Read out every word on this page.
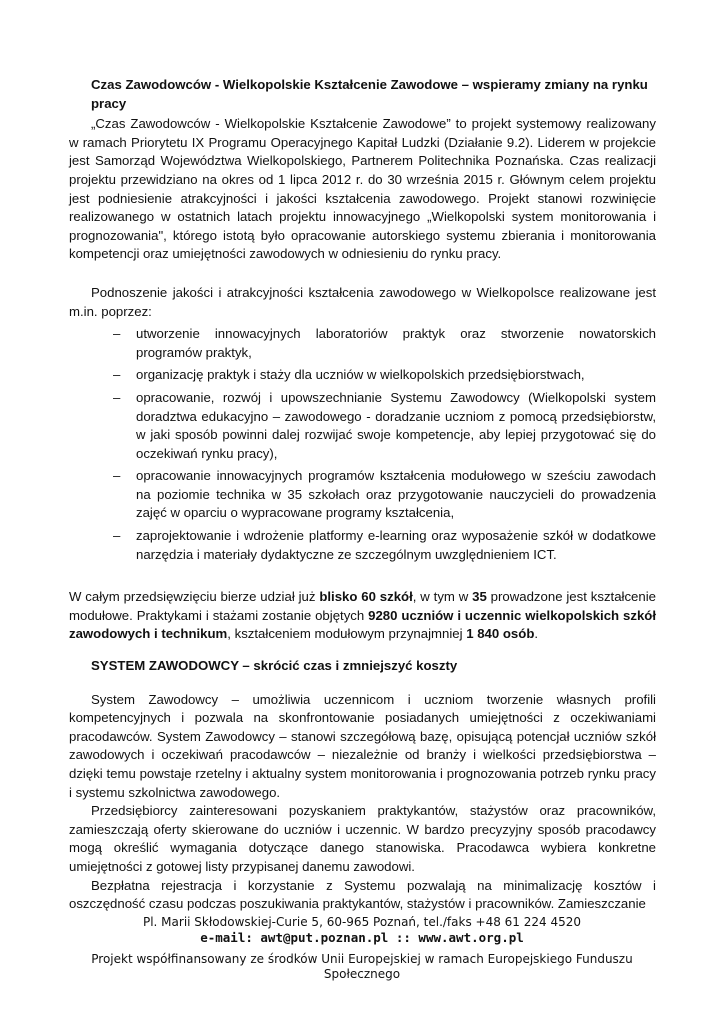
Czas Zawodowców - Wielkopolskie Kształcenie Zawodowe – wspieramy zmiany na rynku pracy

„Czas Zawodowców - Wielkopolskie Kształcenie Zawodowe” to projekt systemowy realizowany w ramach Priorytetu IX Programu Operacyjnego Kapitał Ludzki (Działanie 9.2). Liderem w projekcie jest Samorząd Województwa Wielkopolskiego, Partnerem Politechnika Poznańska. Czas realizacji projektu przewidziano na okres od 1 lipca 2012 r. do 30 września 2015 r. Głównym celem projektu jest podniesienie atrakcyjności i jakości kształcenia zawodowego. Projekt stanowi rozwinięcie realizowanego w ostatnich latach projektu innowacyjnego „Wielkopolski system monitorowania i prognozowania", którego istotą było opracowanie autorskiego systemu zbierania i monitorowania kompetencji oraz umiejętności zawodowych w odniesieniu do rynku pracy.

Podnoszenie jakości i atrakcyjności kształcenia zawodowego w Wielkopolsce realizowane jest m.in. poprzez:

– utworzenie innowacyjnych laboratoriów praktyk oraz stworzenie nowatorskich programów praktyk,
– organizację praktyk i staży dla uczniów w wielkopolskich przedsiębiorstwach,
– opracowanie, rozwój i upowszechnianie Systemu Zawodowcy (Wielkopolski system doradztwa edukacyjno – zawodowego - doradzanie uczniom z pomocą przedsiębiorstw, w jaki sposób powinni dalej rozwijać swoje kompetencje, aby lepiej przygotować się do oczekiwań rynku pracy),
– opracowanie innowacyjnych programów kształcenia modułowego w sześciu zawodach na poziomie technika w 35 szkołach oraz przygotowanie nauczycieli do prowadzenia zajęć w oparciu o wypracowane programy kształcenia,
– zaprojektowanie i wdrożenie platformy e-learning oraz wyposażenie szkół w dodatkowe narzędzia i materiały dydaktyczne ze szczególnym uwzględnieniem ICT.

W całym przedsięwzięciu bierze udział już blisko 60 szkół, w tym w 35 prowadzone jest kształcenie modułowe. Praktykami i stażami zostanie objętych 9280 uczniów i uczennic wielkopolskich szkół zawodowych i technikum, kształceniem modułowym przynajmniej 1 840 osób.

SYSTEM ZAWODOWCY – skrócić czas i zmniejszyć koszty

System Zawodowcy – umożliwia uczennicom i uczniom tworzenie własnych profili kompetencyjnych i pozwala na skonfrontowanie posiadanych umiejętności z oczekiwaniami pracodawców. System Zawodowcy – stanowi szczegółową bazę, opisującą potencjał uczniów szkół zawodowych i oczekiwań pracodawców – niezależnie od branży i wielkości przedsiębiorstwa – dzięki temu powstaje rzetelny i aktualny system monitorowania i prognozowania potrzeb rynku pracy i systemu szkolnictwa zawodowego.

Przedsiębiorcy zainteresowani pozyskaniem praktykantów, stażystów oraz pracowników, zamieszczają oferty skierowane do uczniów i uczennic. W bardzo precyzyjny sposób pracodawcy mogą określić wymagania dotyczące danego stanowiska. Pracodawca wybiera konkretne umiejętności z gotowej listy przypisanej danemu zawodowi.

Bezpłatna rejestracja i korzystanie z Systemu pozwalają na minimalizację kosztów i oszczędność czasu podczas poszukiwania praktykantów, stażystów i pracowników. Zamieszczanie

Pl. Marii Skłodowskiej-Curie 5, 60-965 Poznań, tel./faks +48 61 224 4520
e-mail: awt@put.poznan.pl :: www.awt.org.pl
Projekt współfinansowany ze środków Unii Europejskiej w ramach Europejskiego Funduszu Społecznego
